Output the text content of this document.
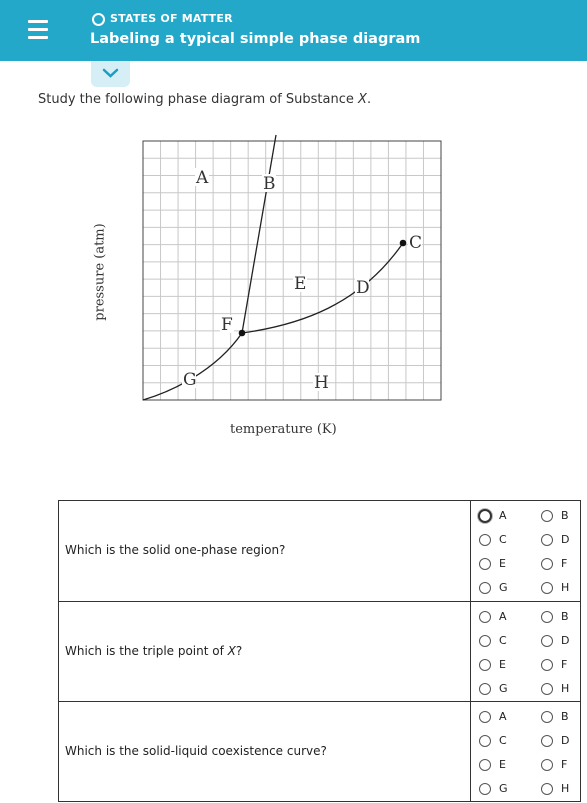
STATES OF MATTER
Labeling a typical simple phase diagram
Study the following phase diagram of Substance X.
A	B
C
D
E
F
G	H
pressure (atm)
temperature (K)
Which is the solid one-phase region?
A	B
C	D
E	F
G	H
Which is the triple point of X?
A	B
C	D
E	F
G	H
Which is the solid-liquid coexistence curve?
A	B
C	D
E	F
G	H
